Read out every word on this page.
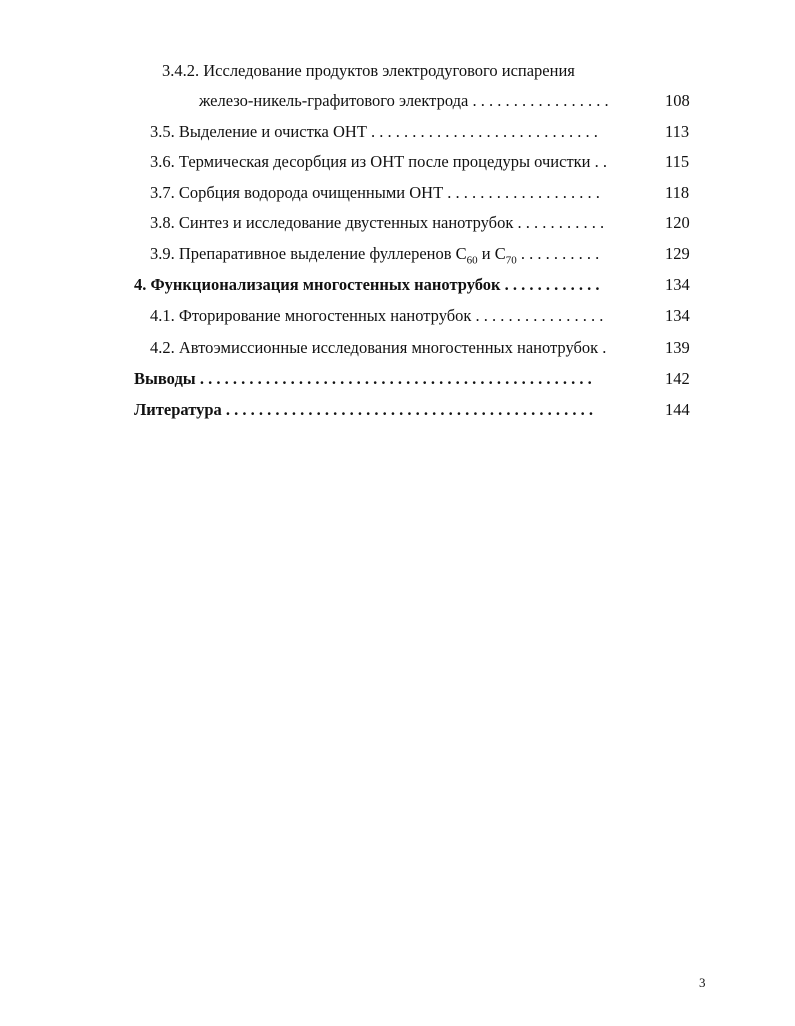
3.4.2. Исследование продуктов электродугового испарения
железо-никель-графитового электрода . . . . . . . . . . . . . . . . .	108
3.5. Выделение и очистка ОНТ . . . . . . . . . . . . . . . . . . . . . . . . . . . .	113
3.6. Термическая десорбция из ОНТ после процедуры очистки . .	115
3.7. Сорбция водорода очищенными ОНТ . . . . . . . . . . . . . . . . . . .	118
3.8. Синтез и исследование двустенных нанотрубок . . . . . . . . . . .	120
3.9. Препаративное выделение фуллеренов $C_{60}$ и $C_{70}$ . . . . . . . . . .	129
4. Функционализация многостенных нанотрубок . . . . . . . . . . . .	134
4.1. Фторирование многостенных нанотрубок . . . . . . . . . . . . . . . .	134
4.2. Автоэмиссионные исследования многостенных нанотрубок .	139
Выводы . . . . . . . . . . . . . . . . . . . . . . . . . . . . . . . . . . . . . . . . . . . . . . . .	142
Литература . . . . . . . . . . . . . . . . . . . . . . . . . . . . . . . . . . . . . . . . . . . . .	144
3
